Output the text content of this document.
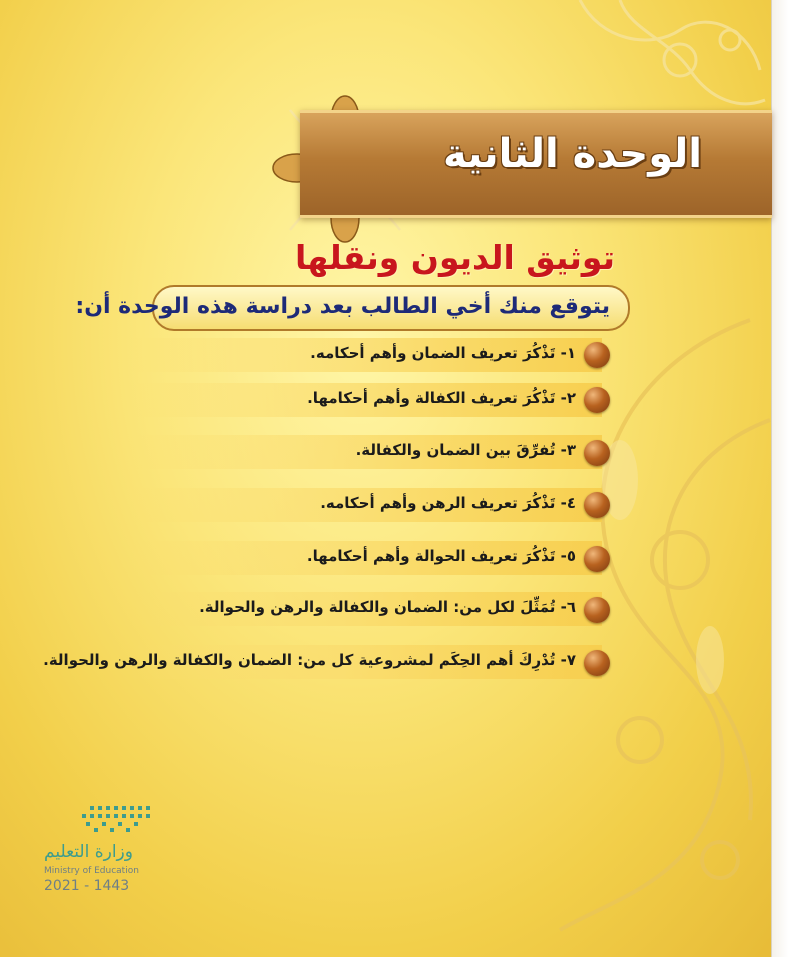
الوحدة الثانية
توثيق الديون ونقلها
يتوقع منك أخي الطالب بعد دراسة هذه الوحدة أن:
١- تَذْكُرَ تعريف الضمان وأهم أحكامه.
٢- تَذْكُرَ تعريف الكفالة وأهم أحكامها.
٣- تُفرِّقَ بين الضمان والكفالة.
٤- تَذْكُرَ تعريف الرهن وأهم أحكامه.
٥- تَذْكُرَ تعريف الحوالة وأهم أحكامها.
٦- تُمَثِّلَ لكل من: الضمان والكفالة والرهن والحوالة.
٧- تُدْرِكَ أهم الحِكَم لمشروعية كل من: الضمان والكفالة والرهن والحوالة.
وزارة التعليم
Ministry of Education
2021 - 1443
